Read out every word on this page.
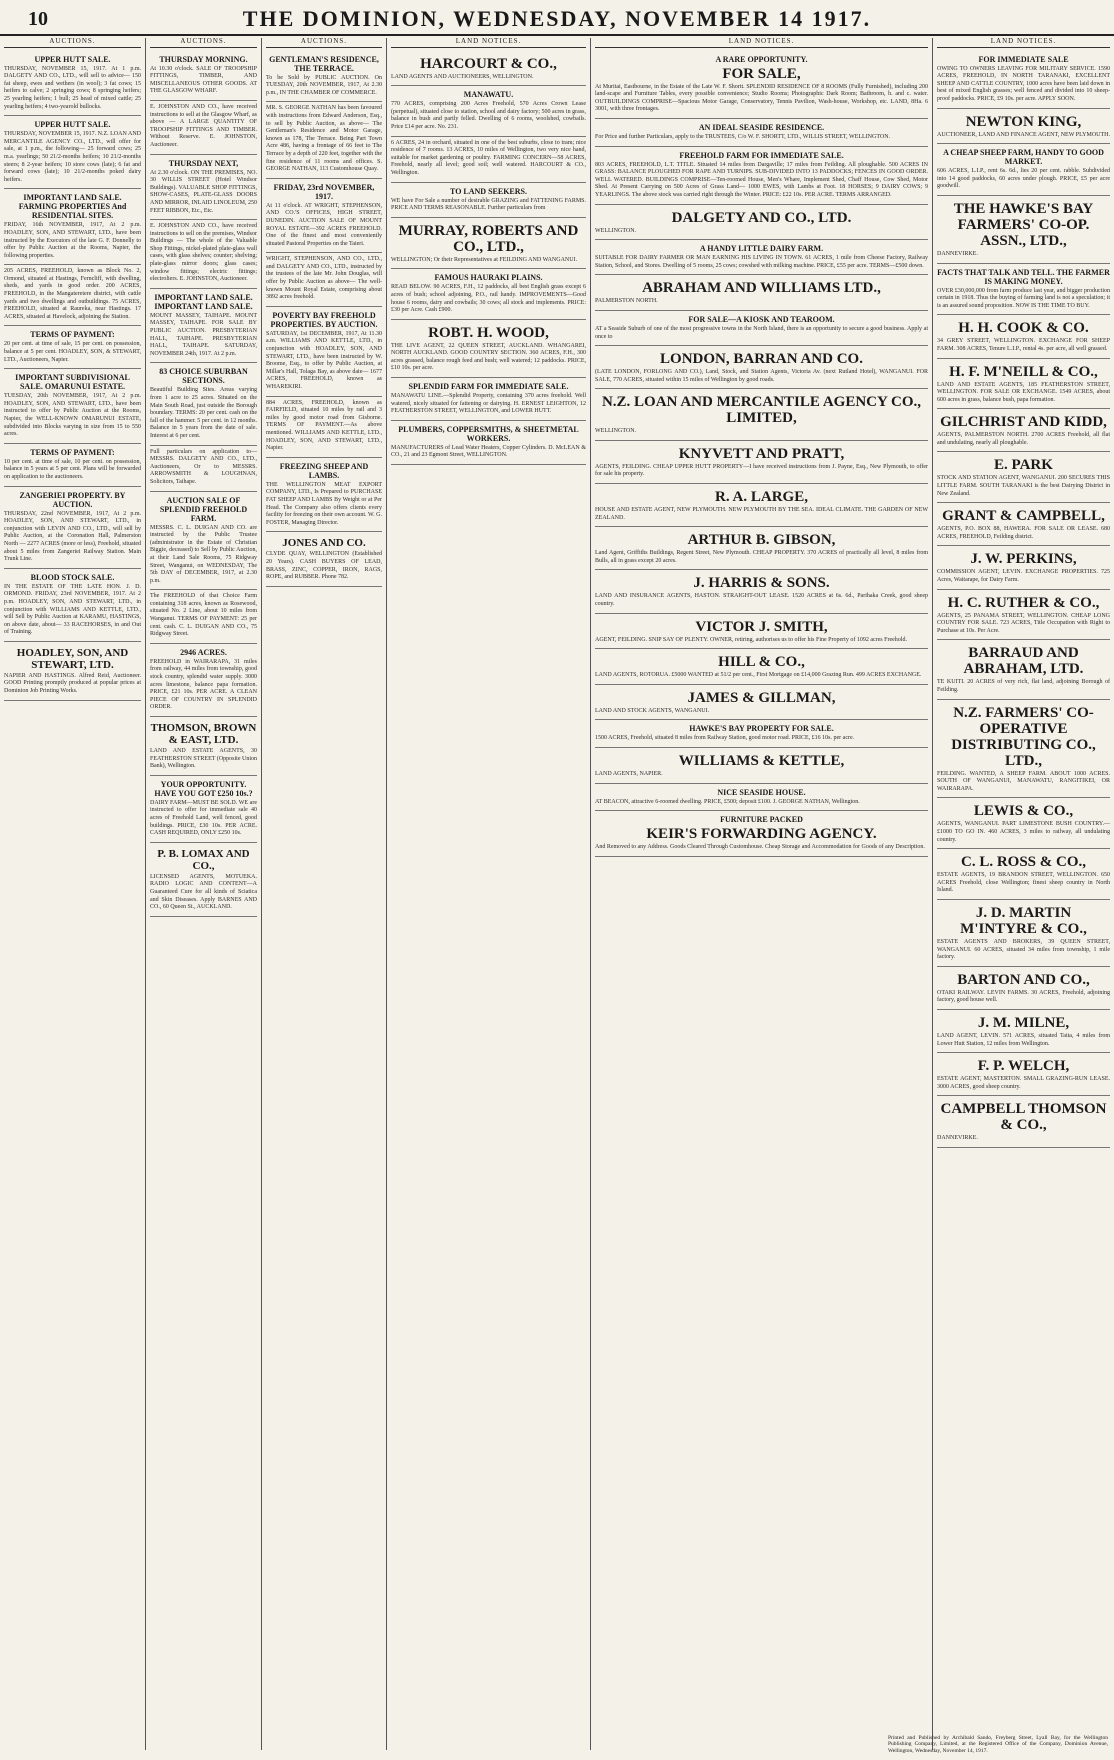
10	THE DOMINION, WEDNESDAY, NOVEMBER 14 1917.
AUCTIONS.
UPPER HUTT SALE.
THURSDAY, NOVEMBER 15, 1917. At 1 p.m. DALGETY AND CO., LTD., will sell to advice— 150 fat sheep, ewes and wethers (in wool); 3 fat cows; 15 heifers to calve; 2 springing cows; 8 springing heifers; 25 yearling heifers; 1 bull; 25 head of mixed cattle; 25 yearling heifers; 4 two-yearold bullocks.
UPPER HUTT SALE.
THURSDAY, NOVEMBER 15, 1917. N.Z. LOAN AND MERCANTILE AGENCY CO., LTD., will offer for sale, at 1 p.m., the following— 25 forward cows; 25 m.a. yearlings; 50 21/2-months heifers; 10 21/2-months steers; 8 2-year heifers; 10 store cows (late); 6 fat and forward cows (late); 10 21/2-months poked dairy heifers.
IMPORTANT LAND SALE. FARMING PROPERTIES And RESIDENTIAL SITES.
FRIDAY, 16th NOVEMBER, 1917, At 2 p.m. HOADLEY, SON, AND STEWART, LTD., have been instructed by the Executors of the late G. F. Donnelly to offer by Public Auction at the Rooms, Napier, the following properties.
205 ACRES, FREEHOLD, known as Block No. 2, Ormond, situated at Hastings, Ferncliff, with dwelling, sheds, and yards in good order. 200 ACRES, FREEHOLD, in the Mangateretere district, with cattle yards and two dwellings and outbuildings. 75 ACRES, FREEHOLD, situated at Raureka, near Hastings. 17 ACRES, situated at Havelock, adjoining the Station.
TERMS OF PAYMENT:
20 per cent. at time of sale, 15 per cent. on possession, balance at 5 per cent. HOADLEY, SON, & STEWART, LTD., Auctioneers, Napier.
IMPORTANT SUBDIVISIONAL SALE. OMARUNUI ESTATE.
TUESDAY, 20th NOVEMBER, 1917, At 2 p.m. HOADLEY, SON, AND STEWART, LTD., have been instructed to offer by Public Auction at the Rooms, Napier, the WELL-KNOWN OMARUNUI ESTATE, subdivided into Blocks varying in size from 15 to 550 acres.
TERMS OF PAYMENT:
10 per cent. at time of sale, 10 per cent. on possession, balance in 5 years at 5 per cent. Plans will be forwarded on application to the auctioneers.
ZANGERIEI PROPERTY. BY AUCTION.
THURSDAY, 22nd NOVEMBER, 1917, At 2 p.m. HOADLEY, SON, AND STEWART, LTD., in conjunction with LEVIN AND CO., LTD., will sell by Public Auction, at the Coronation Hall, Palmerston North — 2277 ACRES (more or less), Freehold, situated about 5 miles from Zangeriei Railway Station. Main Trunk Line.
BLOOD STOCK SALE.
IN THE ESTATE OF THE LATE HON. J. D. ORMOND. FRIDAY, 23rd NOVEMBER, 1917. At 2 p.m. HOADLEY, SON, AND STEWART, LTD., in conjunction with WILLIAMS AND KETTLE, LTD., will Sell by Public Auction at KARAMU, HASTINGS, on above date, about— 33 RACEHORSES, in and Out of Training.
HOADLEY, SON, AND STEWART, LTD.
NAPIER AND HASTINGS. Alfred Reid, Auctioneer. GOOD Printing promptly produced at popular prices at Dominion Job Printing Works.
AUCTIONS.
THURSDAY MORNING.
At 10.30 o'clock. SALE OF TROOPSHIP FITTINGS, TIMBER, AND MISCELLANEOUS OTHER GOODS. AT THE GLASGOW WHARF.
E. JOHNSTON AND CO., have received instructions to sell at the Glasgow Wharf, as above — A LARGE QUANTITY OF TROOPSHIP FITTINGS AND TIMBER. Without Reserve. E. JOHNSTON, Auctioneer.
THURSDAY NEXT,
At 2.30 o'clock. ON THE PREMISES, NO. 30 WILLIS STREET (Hotel Windsor Buildings). VALUABLE SHOP FITTINGS, SHOW-CASES, PLATE-GLASS DOORS AND MIRROR, INLAID LINOLEUM, 250 FEET RIBBON, Etc., Etc.
E. JOHNSTON AND CO., have received instructions to sell on the premises, Windsor Buildings — The whole of the Valuable Shop Fittings, nickel-plated plate-glass wall cases, with glass shelves; counter; shelving; plate-glass mirror doors; glass cases; window fittings; electric fittings; electroliers. E. JOHNSTON, Auctioneer.
IMPORTANT LAND SALE. IMPORTANT LAND SALE.
MOUNT MASSEY, TAIHAPE. MOUNT MASSEY, TAIHAPE. FOR SALE BY PUBLIC AUCTION. PRESBYTERIAN HALL, TAIHAPE. PRESBYTERIAN HALL, TAIHAPE. SATURDAY, NOVEMBER 24th, 1917. At 2 p.m.
83 CHOICE SUBURBAN SECTIONS.
Beautiful Building Sites. Areas varying from 1 acre to 25 acres. Situated on the Main South Road, just outside the Borough boundary. TERMS: 20 per cent. cash on the fall of the hammer. 5 per cent. in 12 months. Balance in 5 years from the date of sale. Interest at 6 per cent.
Full particulars on application to— MESSRS. DALGETY AND CO., LTD., Auctioneers, Or to MESSRS. ARROWSMITH & LOUGHNAN, Solicitors, Taihape.
AUCTION SALE OF SPLENDID FREEHOLD FARM.
MESSRS. C. L. DUIGAN AND CO. are instructed by the Public Trustee (administrator in the Estate of Christian Biggie, deceased) to Sell by Public Auction, at their Land Sale Rooms, 75 Ridgway Street, Wanganui, on WEDNESDAY, The 5th DAY of DECEMBER, 1917, at 2.30 p.m.
The FREEHOLD of that Choice Farm containing 318 acres, known as Rosewood, situated No. 2 Line, about 10 miles from Wanganui. TERMS OF PAYMENT: 25 per cent. cash. C. L. DUIGAN AND CO., 75 Ridgway Street.
2946 ACRES.
FREEHOLD in WAIRARAPA, 31 miles from railway, 44 miles from township, good stock country, splendid water supply. 3000 acres limestone, balance papa formation. PRICE, £21 10s. PER ACRE. A CLEAN PIECE OF COUNTRY IN SPLENDID ORDER.
THOMSON, BROWN & EAST, LTD.
LAND AND ESTATE AGENTS, 30 FEATHERSTON STREET (Opposite Union Bank), Wellington.
YOUR OPPORTUNITY. HAVE YOU GOT £250 10s.?
DAIRY FARM—MUST BE SOLD. WE are instructed to offer for immediate sale 40 acres of Freehold Land, well fenced, good buildings. PRICE, £30 10s. PER ACRE. CASH REQUIRED, ONLY £250 10s.
P. B. LOMAX AND CO.,
LICENSED AGENTS, MOTUEKA. RADIO LOGIC AND CONTENT—A Guaranteed Cure for all kinds of Sciatica and Skin Diseases. Apply BARNES AND CO., 60 Queen St., AUCKLAND.
AUCTIONS.
GENTLEMAN'S RESIDENCE, THE TERRACE.
To be Sold by PUBLIC AUCTION. On TUESDAY, 20th NOVEMBER, 1917, At 2.30 p.m., IN THE CHAMBER OF COMMERCE.
MR. S. GEORGE NATHAN has been favoured with instructions from Edward Anderson, Esq., to sell by Public Auction, as above— The Gentleman's Residence and Motor Garage, known as 178, The Terrace. Being Part Town Acre 486, having a frontage of 66 feet to The Terrace by a depth of 220 feet, together with the fine residence of 11 rooms and offices. S. GEORGE NATHAN, 113 Customhouse Quay.
FRIDAY, 23rd NOVEMBER, 1917.
At 11 o'clock. AT WRIGHT, STEPHENSON, AND CO.'S OFFICES, HIGH STREET, DUNEDIN. AUCTION SALE OF MOUNT ROYAL ESTATE—392 ACRES FREEHOLD. One of the finest and most conveniently situated Pastoral Properties on the Taieri.
WRIGHT, STEPHENSON, AND CO., LTD., and DALGETY AND CO., LTD., instructed by the trustees of the late Mr. John Douglas, will offer by Public Auction as above— The well-known Mount Royal Estate, comprising about 3892 acres freehold.
POVERTY BAY FREEHOLD PROPERTIES. BY AUCTION.
SATURDAY, 1st DECEMBER, 1917, At 11.30 a.m. WILLIAMS AND KETTLE, LTD., in conjunction with HOADLEY, SON, AND STEWART, LTD., have been instructed by W. Broome, Esq., to offer by Public Auction, at Millar's Hall, Tolaga Bay, as above date— 1677 ACRES, FREEHOLD, known as WHAREKIRI.
884 ACRES, FREEHOLD, known as FAIRFIELD, situated 10 miles by rail and 3 miles by good motor road from Gisborne. TERMS OF PAYMENT.—As above mentioned. WILLIAMS AND KETTLE, LTD., HOADLEY, SON, AND STEWART, LTD., Napier.
FREEZING SHEEP AND LAMBS.
THE WELLINGTON MEAT EXPORT COMPANY, LTD., Is Prepared to PURCHASE FAT SHEEP AND LAMBS By Weight or at Per Head. The Company also offers clients every facility for freezing on their own account. W. G. FOSTER, Managing Director.
JONES AND CO.
CLYDE QUAY, WELLINGTON (Established 20 Years). CASH BUYERS OF LEAD, BRASS, ZINC, COPPER, IRON, RAGS, ROPE, and RUBBER. Phone 782.
LAND NOTICES.
HARCOURT & CO.,
LAND AGENTS AND AUCTIONEERS, WELLINGTON.
MANAWATU.
770 ACRES, comprising 200 Acres Freehold, 570 Acres Crown Lease (perpetual), situated close to station, school and dairy factory; 500 acres in grass, balance in bush and partly felled. Dwelling of 6 rooms, woolshed, cowbails. Price £14 per acre. No. 231.
6 ACRES, 24 in orchard, situated in one of the best suburbs, close to tram; nice residence of 7 rooms. 13 ACRES, 10 miles of Wellington, two very nice hand, suitable for market gardening or poultry. FARMING CONCERN—58 ACRES, Freehold, nearly all level; good soil; well watered. HARCOURT & CO., Wellington.
TO LAND SEEKERS.
WE have For Sale a number of desirable GRAZING and FATTENING FARMS. PRICE AND TERMS REASONABLE. Further particulars from
MURRAY, ROBERTS AND CO., LTD.,
WELLINGTON; Or their Representatives at FEILDING AND WANGANUI.
FAMOUS HAURAKI PLAINS.
READ BELOW. 90 ACRES, F.H., 12 paddocks, all best English grass except 6 acres of bush; school adjoining, P.O., rail handy. IMPROVEMENTS—Good house 6 rooms, dairy and cowbails; 30 cows; all stock and implements. PRICE: £30 per Acre. Cash £900.
ROBT. H. WOOD,
THE LIVE AGENT, 22 QUEEN STREET, AUCKLAND. WHANGAREI, NORTH AUCKLAND. GOOD COUNTRY SECTION. 360 ACRES, F.H., 300 acres grassed, balance rough feed and bush; well watered; 12 paddocks. PRICE, £10 10s. per acre.
SPLENDID FARM FOR IMMEDIATE SALE.
MANAWATU LINE.—Splendid Property, containing 370 acres freehold. Well watered, nicely situated for fattening or dairying. H. ERNEST LEIGHTON, 12 FEATHERSTON STREET, WELLINGTON, and LOWER HUTT.
PLUMBERS, COPPERSMITHS, & SHEETMETAL WORKERS.
MANUFACTURERS of Lead Water Heaters, Copper Cylinders. D. McLEAN & CO., 21 and 23 Egmont Street, WELLINGTON.
LAND NOTICES.
A RARE OPPORTUNITY.
FOR SALE,
At Muritai, Eastbourne, in the Estate of the Late W. F. Shortt. SPLENDID RESIDENCE OF 8 ROOMS (Fully Furnished), including 200 land-scape and Furniture Tables, every possible convenience; Studio Rooms; Photographic Dark Room; Bathroom, h. and c. water. OUTBUILDINGS COMPRISE—Spacious Motor Garage, Conservatory, Tennis Pavilion, Wash-house, Workshop, etc. LAND, 8Ha. 6 3001, with three frontages.
AN IDEAL SEASIDE RESIDENCE.
For Price and further Particulars, apply to the TRUSTEES, C/o W. F. SHORTT, LTD., WILLIS STREET, WELLINGTON.
FREEHOLD FARM FOR IMMEDIATE SALE.
803 ACRES, FREEHOLD, L.T. TITLE. Situated 14 miles from Dargaville; 17 miles from Feilding. All ploughable. 500 ACRES IN GRASS: BALANCE PLOUGHED FOR RAPE AND TURNIPS. SUB-DIVIDED INTO 13 PADDOCKS; FENCES IN GOOD ORDER. WELL WATERED. BUILDINGS COMPRISE—Ten-roomed House, Men's Whare, Implement Shed, Chaff House, Cow Shed, Motor Shed. At Present Carrying on 500 Acres of Grass Land— 1000 EWES, with Lambs at Foot. 18 HORSES; 9 DAIRY COWS; 9 YEARLINGS. The above stock was carried right through the Winter. PRICE: £22 10s. PER ACRE. TERMS ARRANGED.
DALGETY AND CO., LTD.
WELLINGTON.
A HANDY LITTLE DAIRY FARM.
SUITABLE FOR DAIRY FARMER OR MAN EARNING HIS LIVING IN TOWN. 61 ACRES, 1 mile from Cheese Factory, Railway Station, School, and Stores. Dwelling of 5 rooms, 25 cows; cowshed with milking machine. PRICE, £55 per acre. TERMS—£500 down.
ABRAHAM AND WILLIAMS LTD.,
PALMERSTON NORTH.
FOR SALE—A KIOSK AND TEAROOM.
AT a Seaside Suburb of one of the most progressive towns in the North Island, there is an opportunity to secure a good business. Apply at once to
LONDON, BARRAN AND CO.
(LATE LONDON, FORLONG AND CO.), Land, Stock, and Station Agents, Victoria Av. (next Rutland Hotel), WANGANUI. FOR SALE, 770 ACRES, situated within 15 miles of Wellington by good roads.
N.Z. LOAN AND MERCANTILE AGENCY CO., LIMITED,
WELLINGTON.
KNYVETT AND PRATT,
AGENTS, FEILDING. CHEAP UPPER HUTT PROPERTY—I have received instructions from J. Payne, Esq., New Plymouth, to offer for sale his property.
R. A. LARGE,
HOUSE AND ESTATE AGENT, NEW PLYMOUTH. NEW PLYMOUTH BY THE SEA. IDEAL CLIMATE. THE GARDEN OF NEW ZEALAND.
ARTHUR B. GIBSON,
Land Agent, Griffiths Buildings, Regent Street, New Plymouth. CHEAP PROPERTY. 370 ACRES of practically all level, 8 miles from Bulls, all in grass except 20 acres.
J. HARRIS & SONS.
LAND AND INSURANCE AGENTS, HASTON. STRAIGHT-OUT LEASE. 1520 ACRES at 6s. 6d., Parihaka Creek, good sheep country.
VICTOR J. SMITH,
AGENT, FEILDING. SNIP SAY OF PLENTY. OWNER, retiring, authorises us to offer his Fine Property of 1092 acres Freehold.
HILL & CO.,
LAND AGENTS, ROTORUA. £5000 WANTED at 51/2 per cent., First Mortgage on £14,000 Grazing Run. 499 ACRES EXCHANGE.
JAMES & GILLMAN,
LAND AND STOCK AGENTS, WANGANUI.
HAWKE'S BAY PROPERTY FOR SALE.
1500 ACRES, Freehold, situated 8 miles from Railway Station, good motor road. PRICE, £16 10s. per acre.
WILLIAMS & KETTLE,
LAND AGENTS, NAPIER.
NICE SEASIDE HOUSE.
AT BEACON, attractive 6-roomed dwelling. PRICE, £500; deposit £100. J. GEORGE NATHAN, Wellington.
FURNITURE PACKED
KEIR'S FORWARDING AGENCY.
And Removed to any Address. Goods Cleared Through Customhouse. Cheap Storage and Accommodation for Goods of any Description.
LAND NOTICES.
FOR IMMEDIATE SALE
OWING TO OWNERS LEAVING FOR MILITARY SERVICE. 1590 ACRES, FREEHOLD, IN NORTH TARANAKI, EXCELLENT SHEEP AND CATTLE COUNTRY, 1000 acres have been laid down in best of mixed English grasses; well fenced and divided into 10 sheep-proof paddocks. PRICE, £9 10s. per acre. APPLY SOON.
NEWTON KING,
AUCTIONEER, LAND AND FINANCE AGENT, NEW PLYMOUTH.
A CHEAP SHEEP FARM, HANDY TO GOOD MARKET.
606 ACRES, L.I.P., rent 6s. 6d., lies 20 per cent. rabble. Subdivided into 14 good paddocks, 60 acres under plough. PRICE, £5 per acre goodwill.
THE HAWKE'S BAY FARMERS' CO-OP. ASSN., LTD.,
DANNEVIRKE.
FACTS THAT TALK AND TELL. THE FARMER IS MAKING MONEY.
OVER £30,000,000 from farm produce last year, and bigger production certain in 1918. Thus the buying of farming land is not a speculation; it is an assured sound proposition. NOW IS THE TIME TO BUY.
H. H. COOK & CO.
34 GREY STREET, WELLINGTON. EXCHANGE FOR SHEEP FARM. 308 ACRES, Tenure L.I.P., rental 4s. per acre, all well grassed.
H. F. M'NEILL & CO.,
LAND AND ESTATE AGENTS, 185 FEATHERSTON STREET, WELLINGTON. FOR SALE OR EXCHANGE. 1549 ACRES, about 600 acres in grass, balance bush, papa formation.
GILCHRIST AND KIDD,
AGENTS, PALMERSTON NORTH. 2700 ACRES Freehold, all flat and undulating, nearly all ploughable.
E. PARK
STOCK AND STATION AGENT, WANGANUI. 200 SECURES THIS LITTLE FARM. SOUTH TARANAKI is the best Dairying District in New Zealand.
GRANT & CAMPBELL,
AGENTS, P.O. BOX 88, HAWERA. FOR SALE OR LEASE. 680 ACRES, FREEHOLD, Feilding district.
J. W. PERKINS,
COMMISSION AGENT, LEVIN. EXCHANGE PROPERTIES. 725 Acres, Waitarape, for Dairy Farm.
H. C. RUTHER & CO.,
AGENTS, 25 PANAMA STREET, WELLINGTON. CHEAP LONG COUNTRY FOR SALE. 723 ACRES, Title Occupation with Right to Purchase at 10s. Per Acre.
BARRAUD AND ABRAHAM, LTD.
TE KUITI. 20 ACRES of very rich, flat land, adjoining Borough of Feilding.
N.Z. FARMERS' CO-OPERATIVE DISTRIBUTING CO., LTD.,
FEILDING. WANTED, A SHEEP FARM. ABOUT 1000 ACRES. SOUTH OF WANGANUI, MANAWATU, RANGITIKEI, OR WAIRARAPA.
LEWIS & CO.,
AGENTS, WANGANUI. PART LIMESTONE BUSH COUNTRY.—£1000 TO GO IN. 460 ACRES, 3 miles to railway, all undulating country.
C. L. ROSS & CO.,
ESTATE AGENTS, 19 BRANDON STREET, WELLINGTON. 650 ACRES Freehold, close Wellington; finest sheep country in North Island.
J. D. MARTIN M'INTYRE & CO.,
ESTATE AGENTS AND BROKERS, 39 QUEEN STREET, WANGANUI. 60 ACRES, situated 34 miles from township, 1 mile factory.
BARTON AND CO.,
OTAKI RAILWAY. LEVIN FARMS. 30 ACRES, Freehold, adjoining factory, good house well.
J. M. MILNE,
LAND AGENT, LEVIN. 571 ACRES, situated Taita, 4 miles from Lower Hutt Station, 12 miles from Wellington.
F. P. WELCH,
ESTATE AGENT, MASTERTON. SMALL GRAZING-RUN LEASE. 3000 ACRES, good sheep country.
CAMPBELL THOMSON & CO.,
DANNEVIRKE.
Printed and Published by Archibald Sando, Freyberg Street, Lyall Bay, for the Wellington Publishing Company, Limited, at the Registered Office of the Company, Dominion Avenue, Wellington, Wednesday, November 14, 1917.
